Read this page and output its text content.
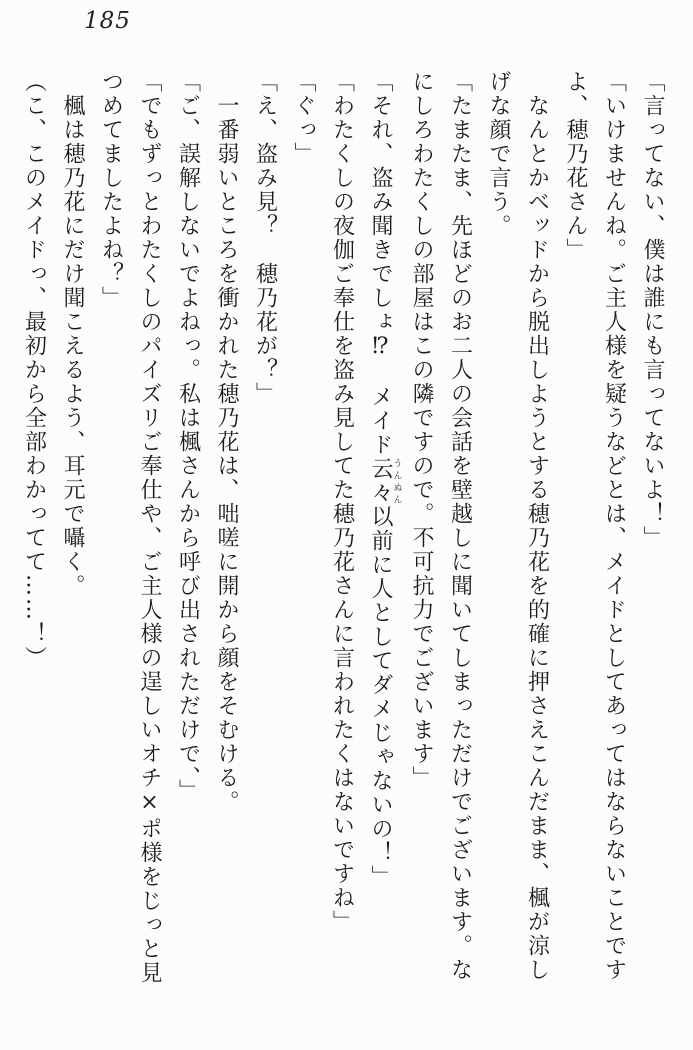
185

「言ってない、僕は誰にも言ってないよ！」

「いけませんね。ご主人様を疑うなどとは、メイドとしてあってはならないことです

よ、穂乃花さん」

なんとかベッドから脱出しようとする穂乃花を的確に押さえこんだまま、楓が涼し

げな顔で言う。

「たまたま、先ほどのお二人の会話を壁越しに聞いてしまっただけでございます。な

にしろわたくしの部屋はこの隣ですので。不可抗力でございます」

「それ、盗み聞きでしょ⁉　メイド云々うんぬん以前に人としてダメじゃないの！」

「わたくしの夜伽ご奉仕を盗み見してた穂乃花さんに言われたくはないですね」

「ぐっ」

「え、盗み見？　穂乃花が？」

一番弱いところを衝かれた穂乃花は、咄嗟に開から顔をそむける。

「ご、誤解しないでよねっ。私は楓さんから呼び出されただけで、」

「でもずっとわたくしのパイズリご奉仕や、ご主人様の逞しいオチ×ポ様をじっと見

つめてましたよね？」

楓は穂乃花にだけ聞こえるよう、耳元で囁く。

（こ、このメイドっ、最初から全部わかってて……！）
